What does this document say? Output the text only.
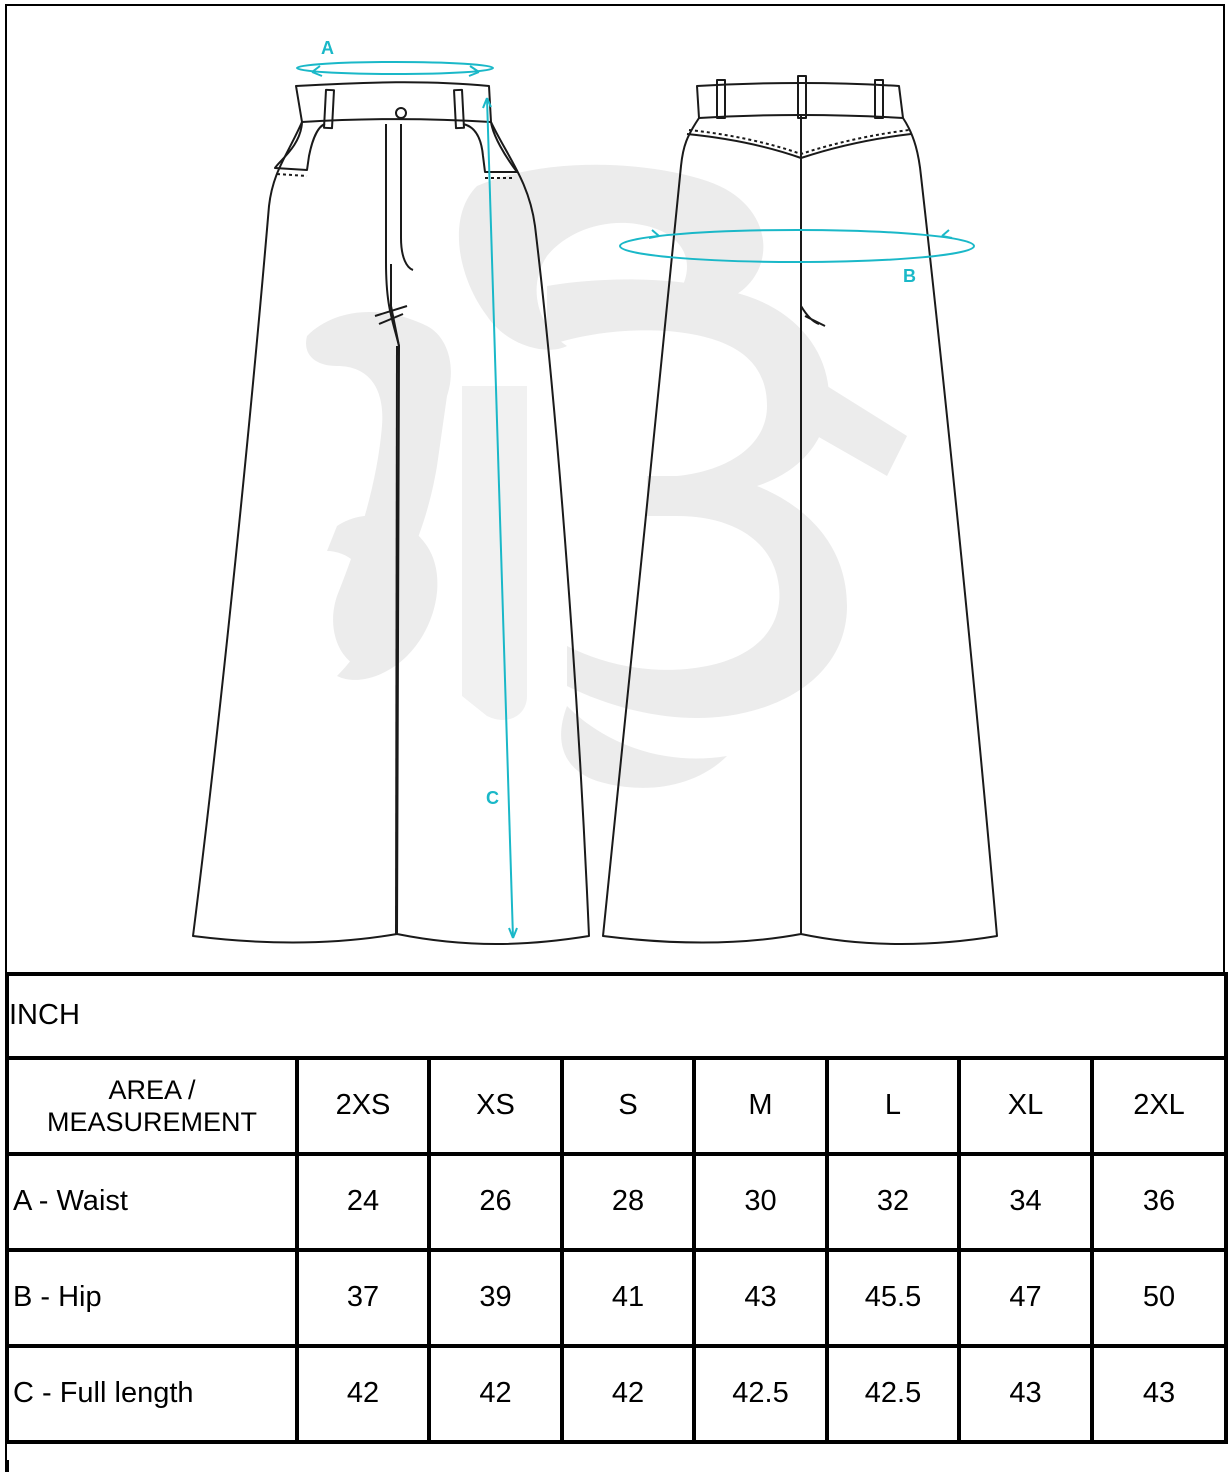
A
B
C
INCH							
AREA /
MEASUREMENT	2XS	XS	S	M	L	XL	2XL
A - Waist	24	26	28	30	32	34	36
B - Hip	37	39	41	43	45.5	47	50
C - Full length	42	42	42	42.5	42.5	43	43
